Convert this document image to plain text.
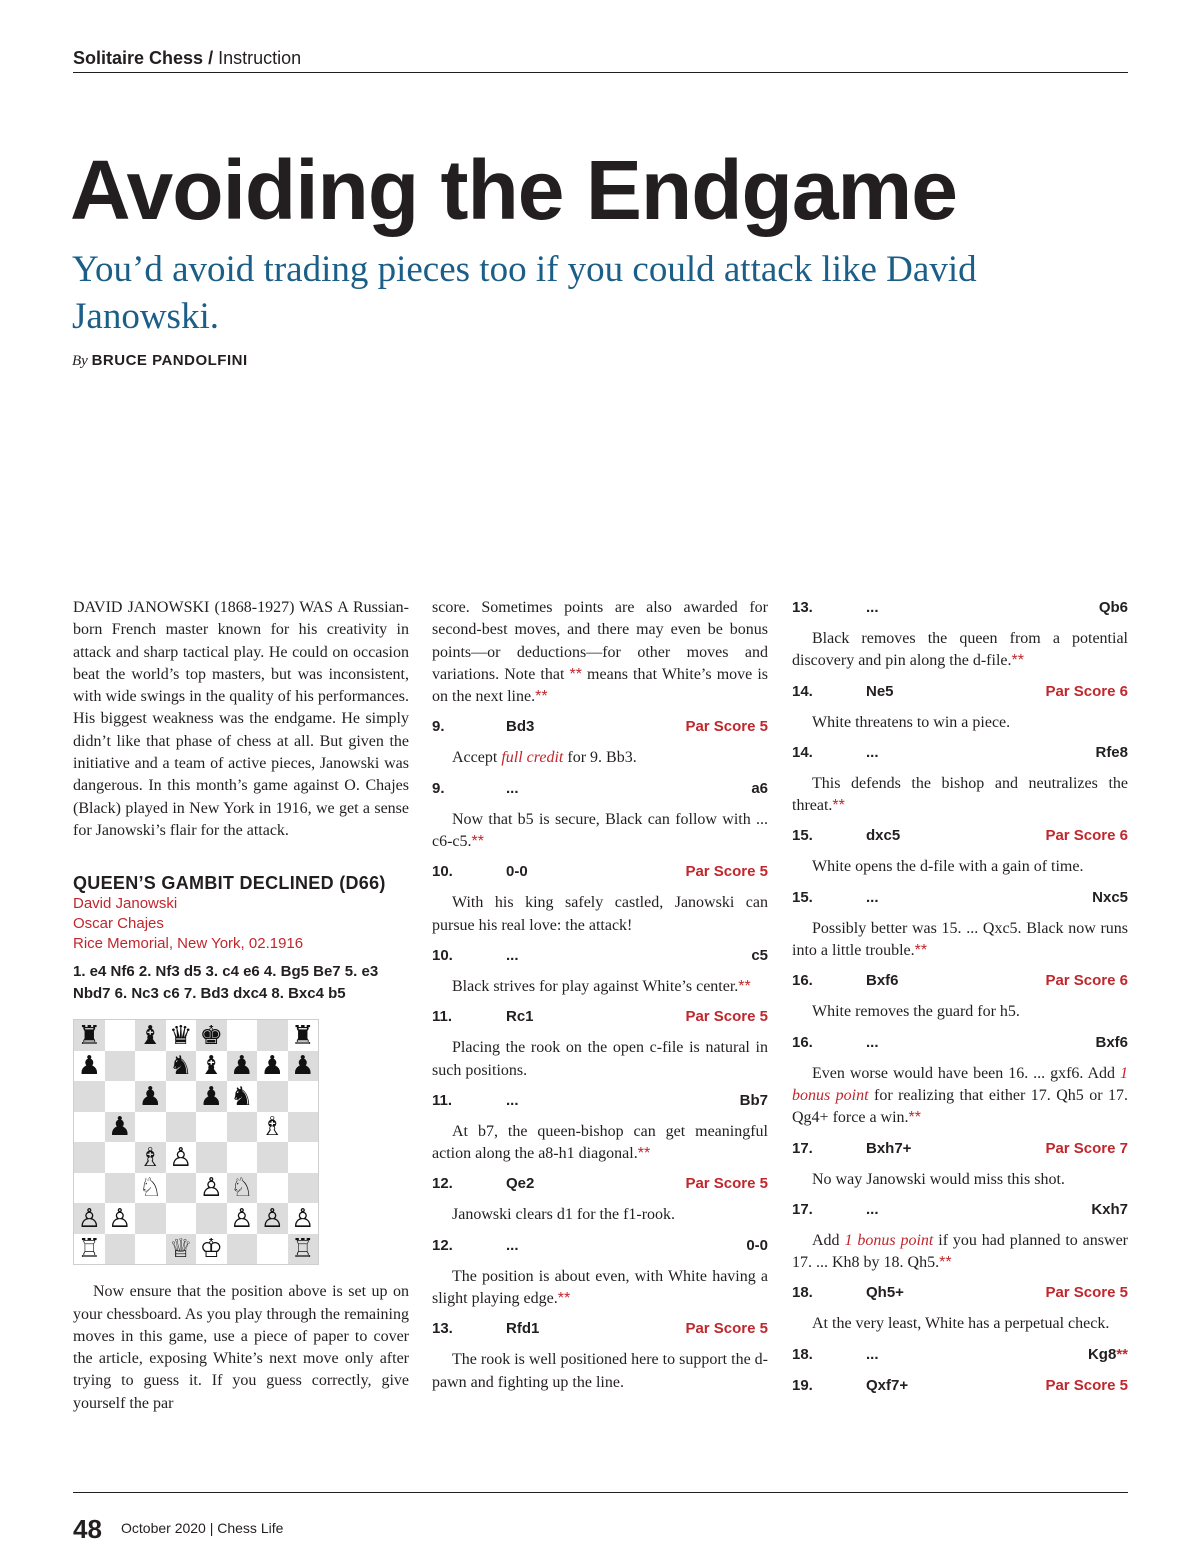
Solitaire Chess / Instruction
Avoiding the Endgame
You’d avoid trading pieces too if you could attack like David Janowski.
By BRUCE PANDOLFINI

DAVID JANOWSKI (1868-1927) WAS A Russian-born French master known for his creativity in attack and sharp tactical play. He could on occasion beat the world’s top masters, but was inconsistent, with wide swings in the quality of his performances. His biggest weakness was the endgame. He simply didn’t like that phase of chess at all. But given the initiative and a team of active pieces, Janowski was dangerous. In this month’s game against O. Chajes (Black) played in New York in 1916, we get a sense for Janowski’s flair for the attack.

QUEEN’S GAMBIT DECLINED (D66)
David Janowski
Oscar Chajes
Rice Memorial, New York, 02.1916
1. e4 Nf6 2. Nf3 d5 3. c4 e6 4. Bg5 Be7 5. e3 Nbd7 6. Nc3 c6 7. Bd3 dxc4 8. Bxc4 b5
♜ ♝ ♛ ♚	♜
♟	♞ ♝ ♟ ♟ ♟
♟ ♟ ♞
♟	♗
♗ ♙
♘ ♙ ♘
♙ ♙	♙ ♙ ♙
♖	♕ ♔	♖

Now ensure that the position above is set up on your chessboard. As you play through the remaining moves in this game, use a piece of paper to cover the article, exposing White’s next move only after trying to guess it. If you guess correctly, give yourself the par

score. Sometimes points are also awarded for second-best moves, and there may even be bonus points—or deductions—for other moves and variations. Note that ** means that White’s move is on the next line.**

9.	Bd3	Par Score 5

Accept full credit for 9. Bb3.

9.	...	a6

Now that b5 is secure, Black can follow with ... c6-c5.**

10.	0-0	Par Score 5

With his king safely castled, Janowski can pursue his real love: the attack!

10.	...	c5

Black strives for play against White’s center.**

11.	Rc1	Par Score 5

Placing the rook on the open c-file is natural in such positions.

11.	...	Bb7

At b7, the queen-bishop can get meaningful action along the a8-h1 diagonal.**

12.	Qe2	Par Score 5

Janowski clears d1 for the f1-rook.

12.	...	0-0

The position is about even, with White having a slight playing edge.**

13.	Rfd1	Par Score 5

The rook is well positioned here to support the d-pawn and fighting up the line.

13.	...	Qb6

Black removes the queen from a potential discovery and pin along the d-file.**

14.	Ne5	Par Score 6

White threatens to win a piece.

14.	...	Rfe8

This defends the bishop and neutralizes the threat.**

15.	dxc5	Par Score 6

White opens the d-file with a gain of time.

15.	...	Nxc5

Possibly better was 15. ... Qxc5. Black now runs into a little trouble.**

16.	Bxf6	Par Score 6

White removes the guard for h5.

16.	...	Bxf6

Even worse would have been 16. ... gxf6. Add 1 bonus point for realizing that either 17. Qh5 or 17. Qg4+ force a win.**

17.	Bxh7+	Par Score 7

No way Janowski would miss this shot.

17.	...	Kxh7

Add 1 bonus point if you had planned to answer 17. ... Kh8 by 18. Qh5.**

18.	Qh5+	Par Score 5

At the very least, White has a perpetual check.

18.	...	Kg8**
19.	Qxf7+	Par Score 5
48 October 2020 | Chess Life
